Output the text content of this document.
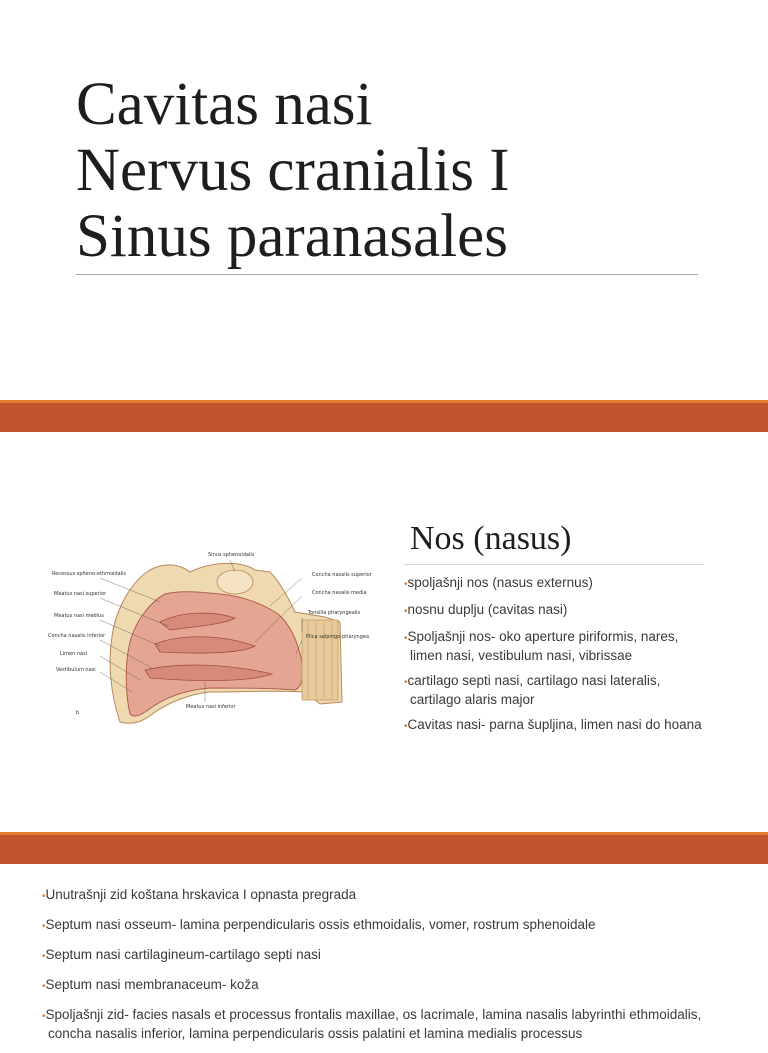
Cavitas nasi
Nervus cranialis I
Sinus paranasales
Recessus spheno-ethmoidalis
Meatus nasi superior
Meatus nasi medius
Concha nasalis inferior
Limen nasi
Vestibulum nasi
Sinus sphenoidalis
Concha nasalis superior
Concha nasalis media
Tonsilla pharyngealis
Plica salpingo-pharyngea
Meatus nasi inferior
b
Nos (nasus)
• spoljašnji nos (nasus externus)
• nosnu duplju (cavitas nasi)
• Spoljašnji nos- oko aperture piriformis, nares, limen nasi, vestibulum nasi, vibrissae
• cartilago septi nasi, cartilago nasi lateralis, cartilago alaris major
• Cavitas nasi- parna šupljina, limen nasi do hoana
• Unutrašnji zid koštana hrskavica I opnasta pregrada
• Septum nasi osseum- lamina perpendicularis ossis ethmoidalis, vomer, rostrum sphenoidale
• Septum nasi cartilagineum-cartilago septi nasi
• Septum nasi membranaceum- koža
• Spoljašnji zid- facies nasals et processus frontalis maxillae, os lacrimale, lamina nasalis labyrinthi ethmoidalis, concha nasalis inferior, lamina perpendicularis ossis palatini et lamina medialis processus
